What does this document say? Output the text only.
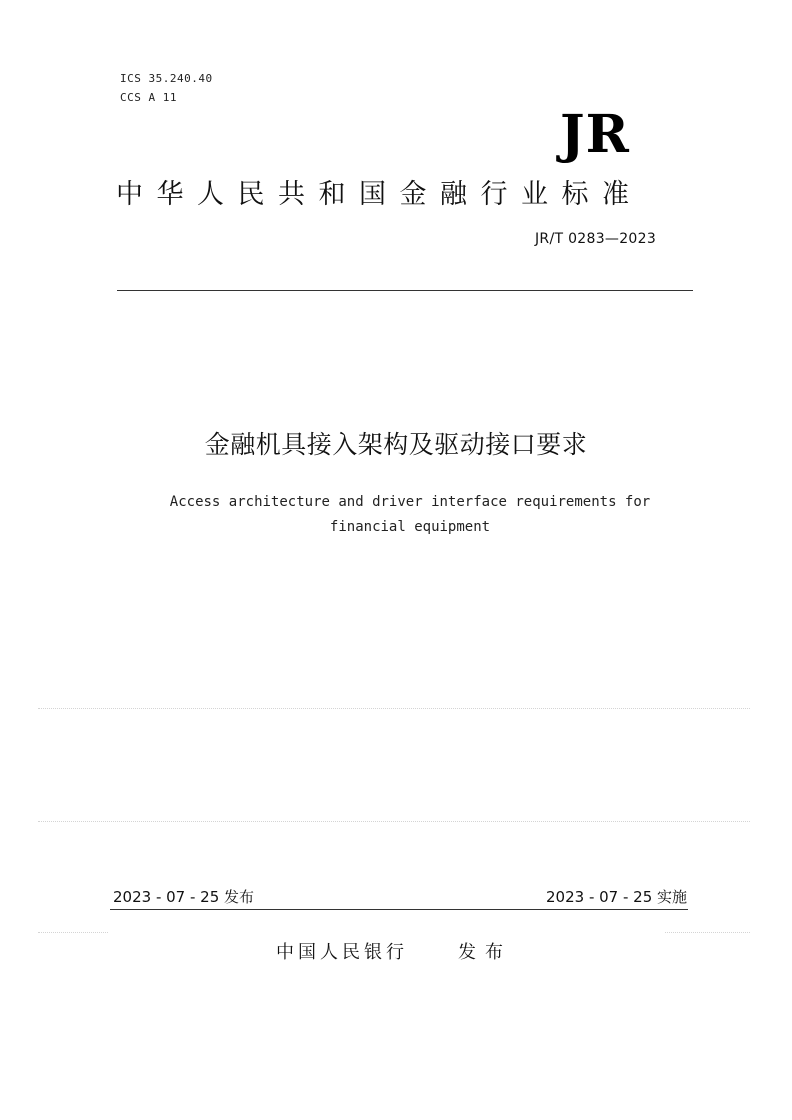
ICS 35.240.40
CCS A 11
JR
中华人民共和国金融行业标准
JR/T 0283—2023
金融机具接入架构及驱动接口要求
Access architecture and driver interface requirements for
financial equipment
2023 - 07 - 25 发布	2023 - 07 - 25 实施
中国人民银行	发布
